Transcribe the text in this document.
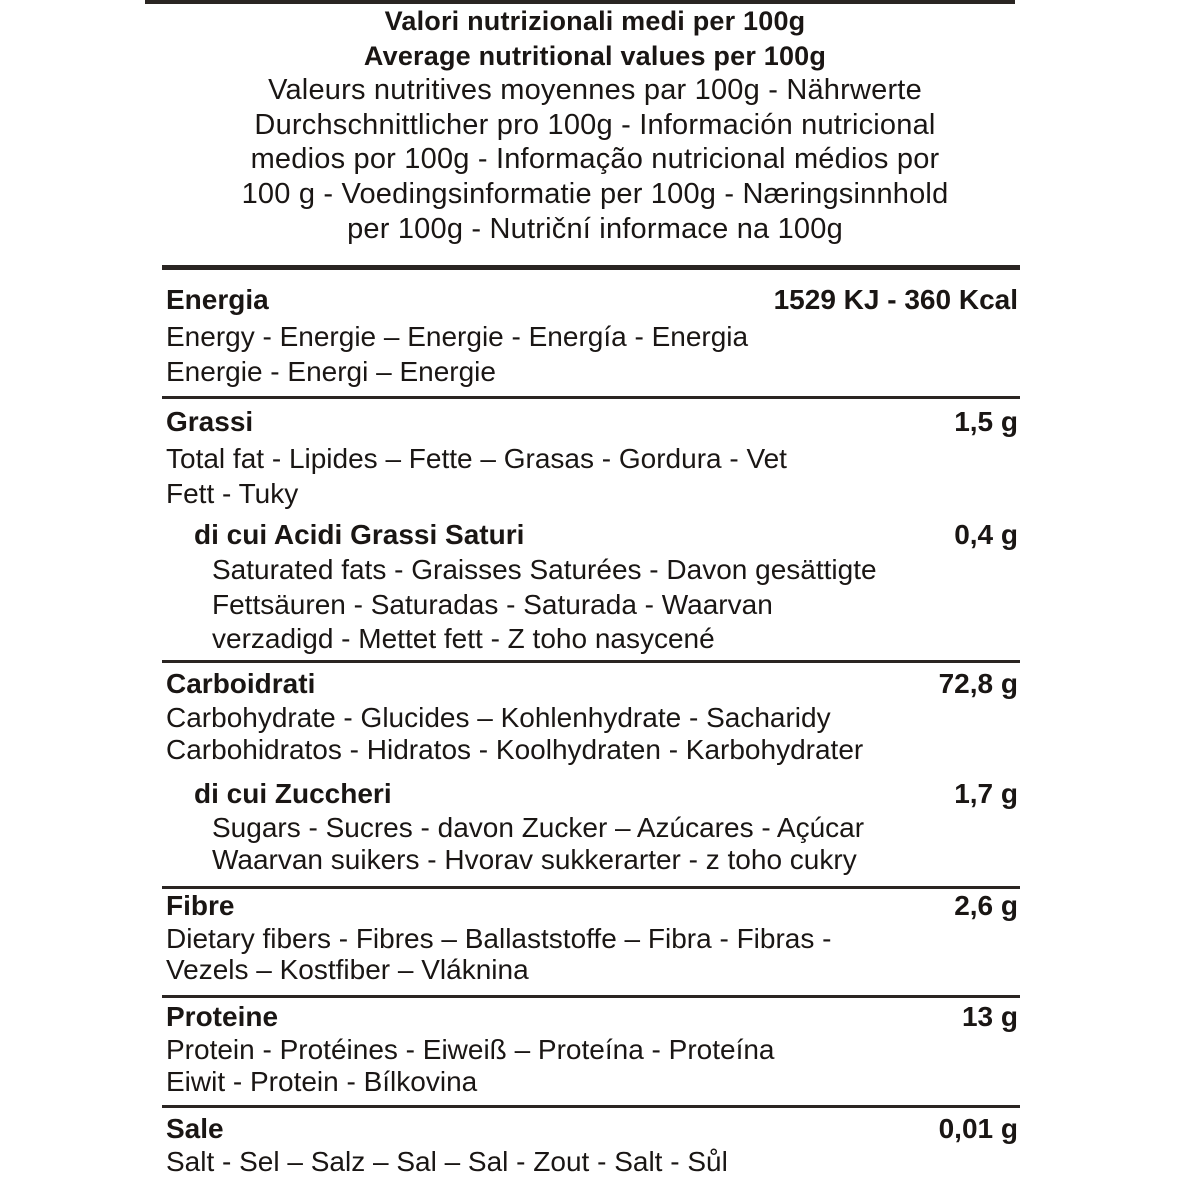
Valori nutrizionali medi per 100g
Average nutritional values per 100g
Valeurs nutritives moyennes par 100g - Nährwerte
Durchschnittlicher pro 100g - Información nutricional
medios por 100g - Informação nutricional médios por
100 g - Voedingsinformatie per 100g - Næringsinnhold
per 100g - Nutriční informace na 100g
Energia	1529 KJ - 360 Kcal
Energy - Energie – Energie - Energía - Energia
Energie - Energi – Energie
Grassi	1,5 g
Total fat - Lipides – Fette – Grasas - Gordura - Vet
Fett - Tuky
di cui Acidi Grassi Saturi	0,4 g
Saturated fats - Graisses Saturées - Davon gesättigte
Fettsäuren - Saturadas - Saturada - Waarvan
verzadigd - Mettet fett - Z toho nasycené
Carboidrati	72,8 g
Carbohydrate - Glucides – Kohlenhydrate - Sacharidy
Carbohidratos - Hidratos - Koolhydraten - Karbohydrater
di cui Zuccheri	1,7 g
Sugars - Sucres - davon Zucker – Azúcares - Açúcar
Waarvan suikers - Hvorav sukkerarter - z toho cukry
Fibre	2,6 g
Dietary fibers - Fibres – Ballaststoffe – Fibra - Fibras -
Vezels – Kostfiber – Vláknina
Proteine	13 g
Protein - Protéines - Eiweiß – Proteína - Proteína
Eiwit - Protein - Bílkovina
Sale	0,01 g
Salt - Sel – Salz – Sal – Sal - Zout - Salt - Sůl
